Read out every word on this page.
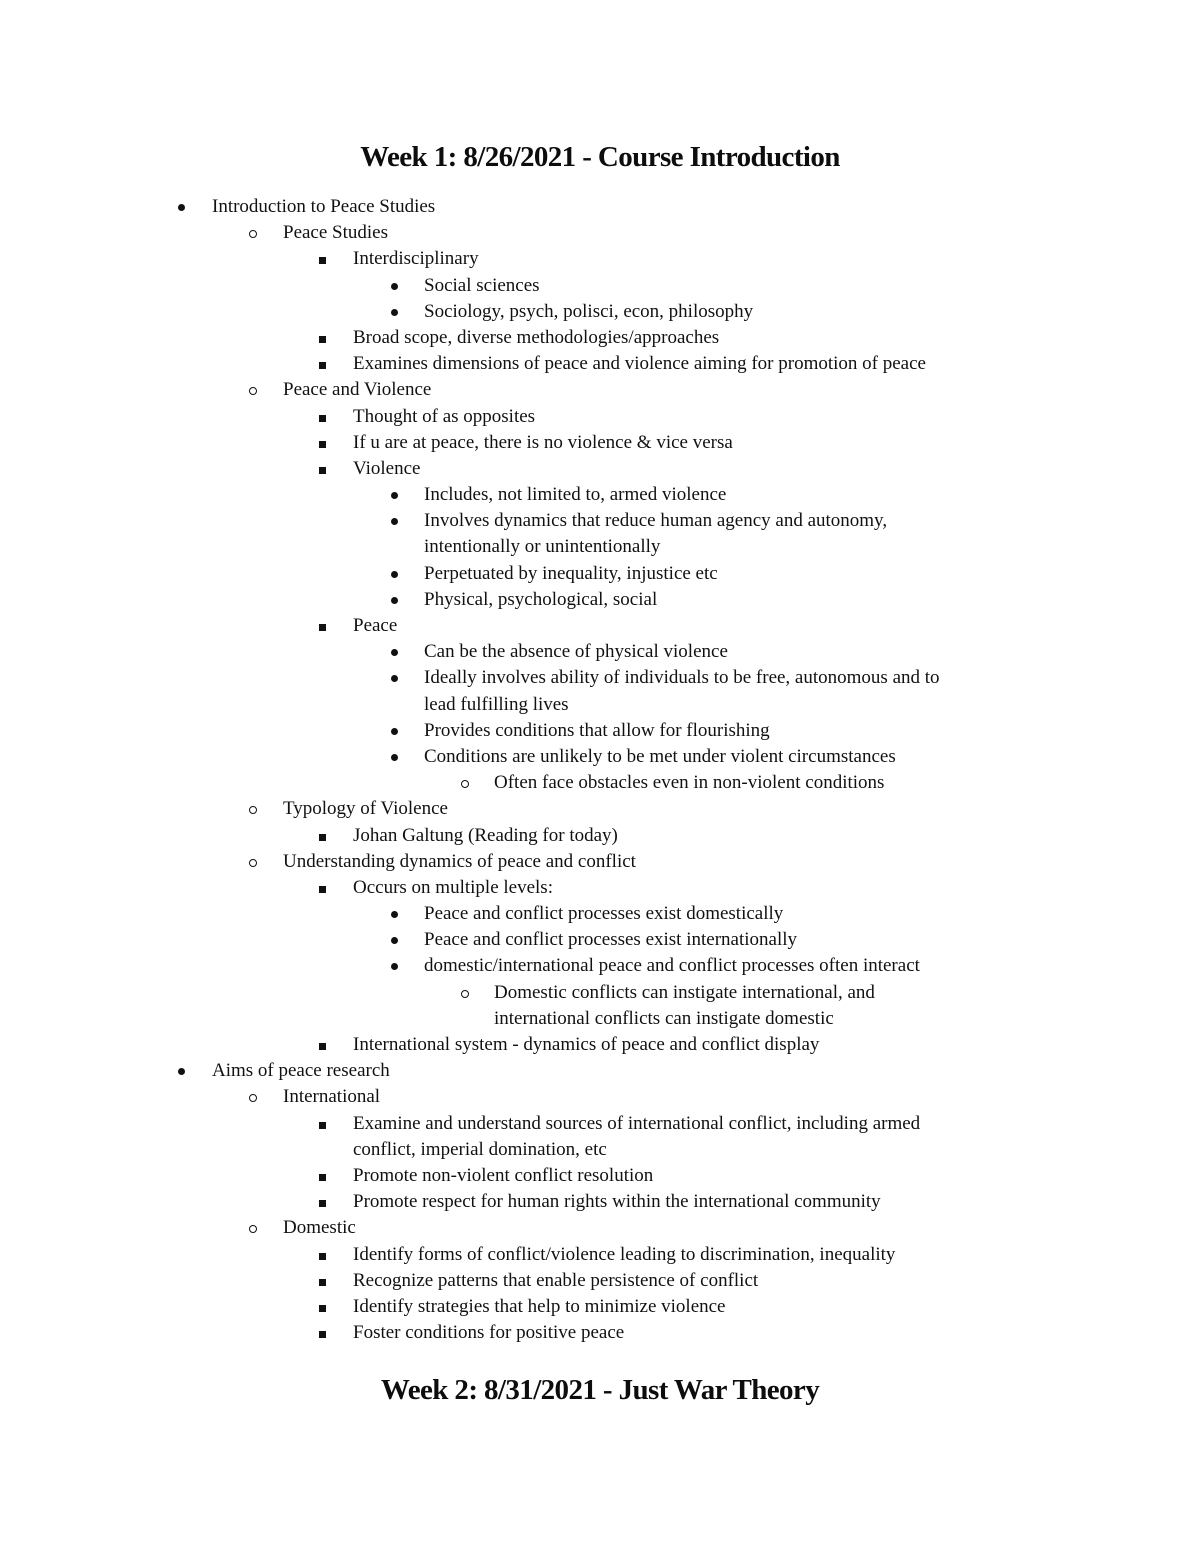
Week 1: 8/26/2021 - Course Introduction
Introduction to Peace Studies
Peace Studies
Interdisciplinary
Social sciences
Sociology, psych, polisci, econ, philosophy
Broad scope, diverse methodologies/approaches
Examines dimensions of peace and violence aiming for promotion of peace
Peace and Violence
Thought of as opposites
If u are at peace, there is no violence & vice versa
Violence
Includes, not limited to, armed violence
Involves dynamics that reduce human agency and autonomy,
intentionally or unintentionally
Perpetuated by inequality, injustice etc
Physical, psychological, social
Peace
Can be the absence of physical violence
Ideally involves ability of individuals to be free, autonomous and to
lead fulfilling lives
Provides conditions that allow for flourishing
Conditions are unlikely to be met under violent circumstances
Often face obstacles even in non-violent conditions
Typology of Violence
Johan Galtung (Reading for today)
Understanding dynamics of peace and conflict
Occurs on multiple levels:
Peace and conflict processes exist domestically
Peace and conflict processes exist internationally
domestic/international peace and conflict processes often interact
Domestic conflicts can instigate international, and
international conflicts can instigate domestic
International system - dynamics of peace and conflict display
Aims of peace research
International
Examine and understand sources of international conflict, including armed
conflict, imperial domination, etc
Promote non-violent conflict resolution
Promote respect for human rights within the international community
Domestic
Identify forms of conflict/violence leading to discrimination, inequality
Recognize patterns that enable persistence of conflict
Identify strategies that help to minimize violence
Foster conditions for positive peace
Week 2: 8/31/2021 - Just War Theory
